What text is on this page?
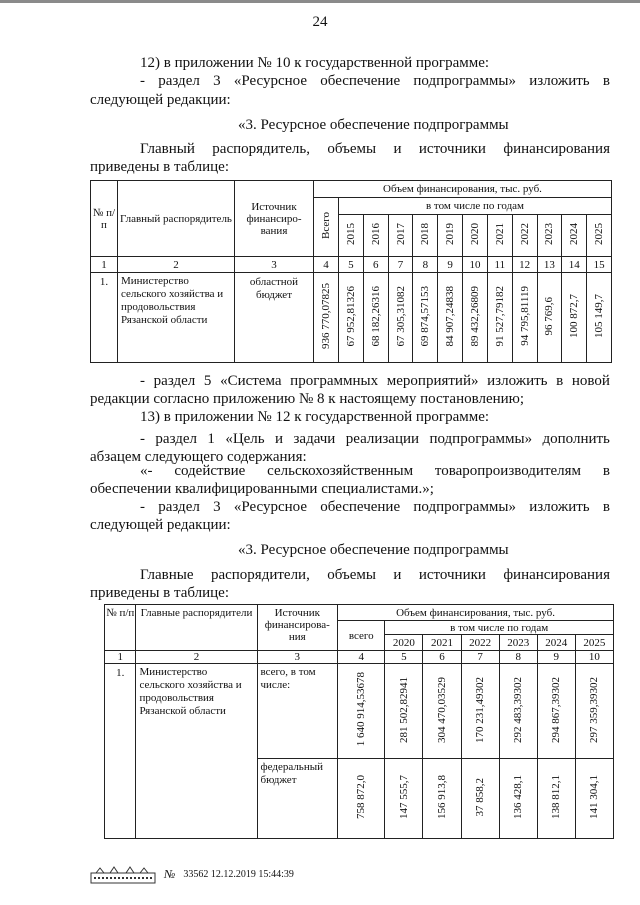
24
12) в приложении № 10 к государственной программе:
- раздел 3 «Ресурсное обеспечение подпрограммы» изложить в
следующей редакции:
«3. Ресурсное обеспечение подпрограммы
Главный распорядитель, объемы и источники финансирования
приведены в таблице:
№ п/п	Главный распорядитель	Источник финансиро-вания	Объем финансирования, тыс. руб.											
			Всего	в том числе по годам										
				2015	2016	2017	2018	2019	2020	2021	2022	2023	2024	2025
1	2	3	4	5	6	7	8	9	10	11	12	13	14	15
1.	Министерство сельского хозяйства и продовольствия Рязанской области	областной бюджет	936 770,07825	67 952,81326	68 182,26316	67 305,31082	69 874,57153	84 907,24838	89 432,26809	91 527,79182	94 795,81119	96 769,6	100 872,7	105 149,7
- раздел 5 «Система программных мероприятий» изложить в новой
редакции согласно приложению № 8 к настоящему постановлению;
13) в приложении № 12 к государственной программе:
- раздел 1 «Цель и задачи реализации подпрограммы» дополнить
абзацем следующего содержания:
«- содействие сельскохозяйственным товаропроизводителям в
обеспечении квалифицированными специалистами.»;
- раздел 3 «Ресурсное обеспечение подпрограммы» изложить в
следующей редакции:
«3. Ресурсное обеспечение подпрограммы
Главные распорядители, объемы и источники финансирования
приведены в таблице:
№ п/п	Главные распорядители	Источник финансирова-ния	Объем финансирования, тыс. руб.						
			всего	в том числе по годам					
				2020	2021	2022	2023	2024	2025
1	2	3	4	5	6	7	8	9	10
1.	Министерство сельского хозяйства и продовольствия Рязанской области	всего, в том числе:	1 640 914,53678	281 502,82941	304 470,03529	170 231,49302	292 483,39302	294 867,39302	297 359,39302
		федеральный бюджет	758 872,0	147 555,7	156 913,8	37 858,2	136 428,1	138 812,1	141 304,1
№ 33562 12.12.2019 15:44:39
